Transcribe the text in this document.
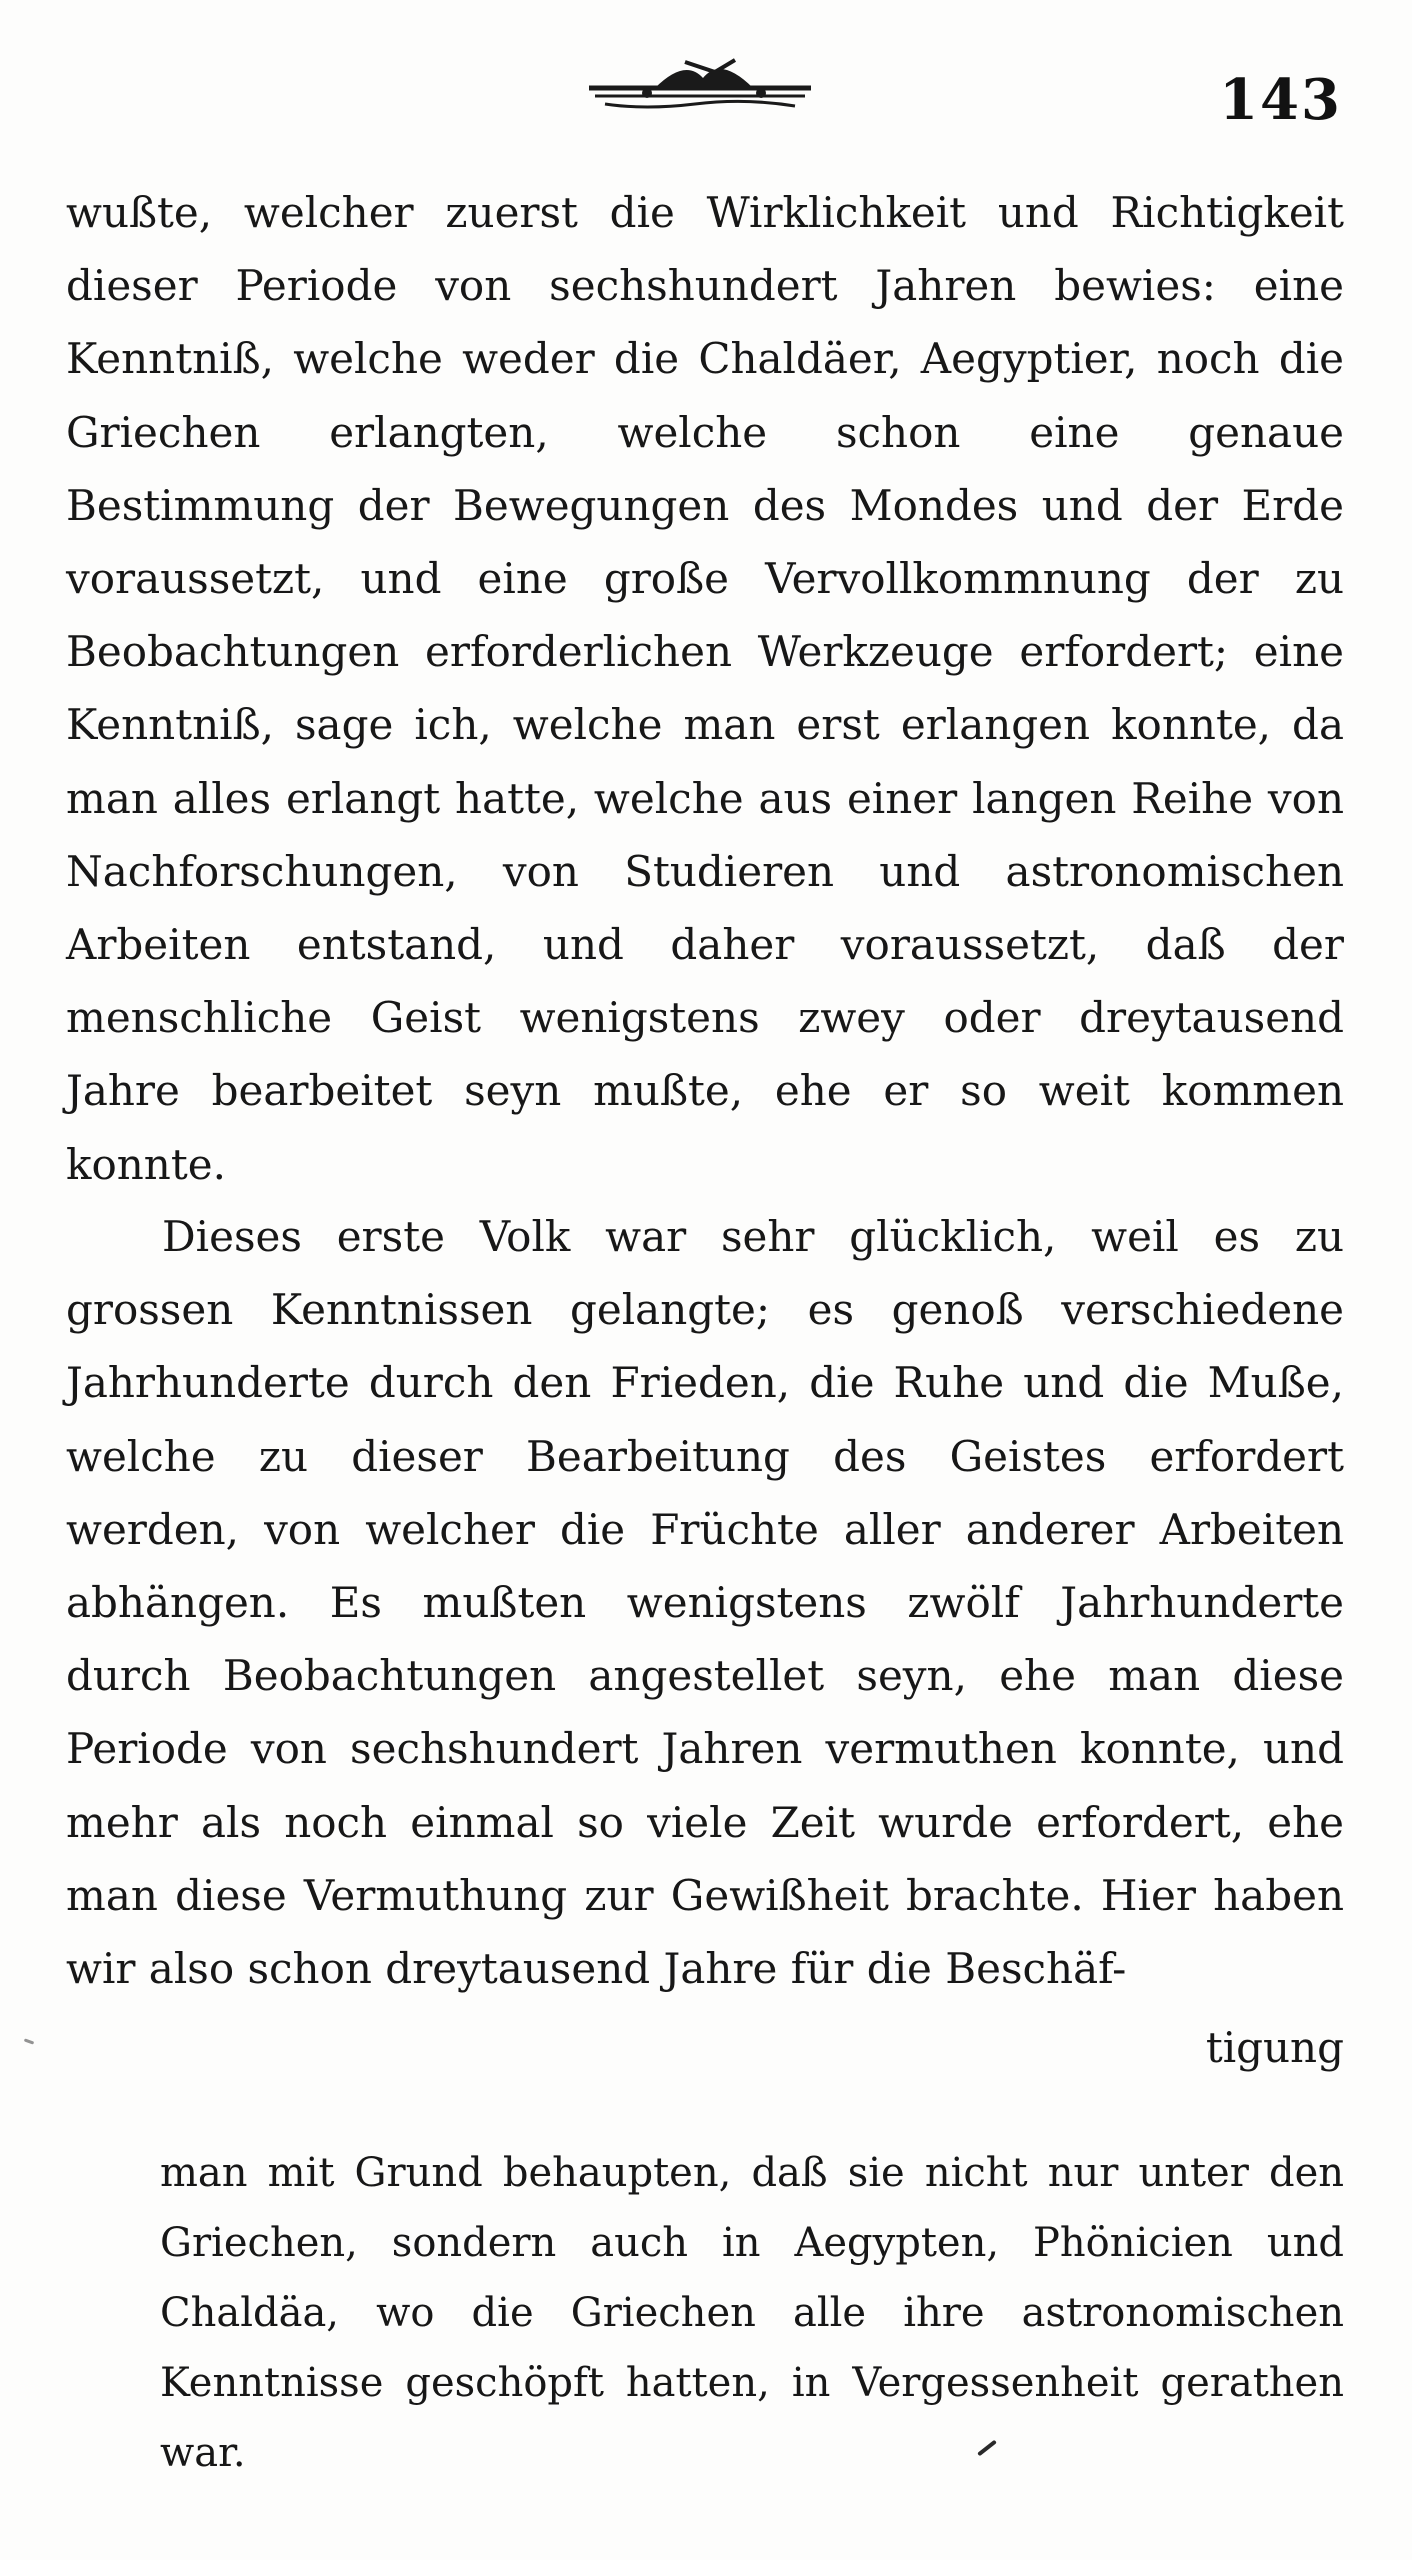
143
wußte, welcher zuerst die Wirklichkeit und Richtigkeit dieser Periode von sechshundert Jahren bewies: eine Kenntniß, welche weder die Chaldäer, Aegyptier, noch die Griechen erlangten, welche schon eine genaue Bestimmung der Bewegungen des Mondes und der Erde voraussetzt, und eine große Vervollkommnung der zu Beobachtungen erforderlichen Werkzeuge erfordert; eine Kenntniß, sage ich, welche man erst erlangen konnte, da man alles erlangt hatte, welche aus einer langen Reihe von Nachforschungen, von Studieren und astronomischen Arbeiten entstand, und daher voraussetzt, daß der menschliche Geist wenigstens zwey oder dreytausend Jahre bearbeitet seyn mußte, ehe er so weit kommen konnte.
Dieses erste Volk war sehr glücklich, weil es zu grossen Kenntnissen gelangte; es genoß verschiedene Jahrhunderte durch den Frieden, die Ruhe und die Muße, welche zu dieser Bearbeitung des Geistes erfordert werden, von welcher die Früchte aller anderer Arbeiten abhängen. Es mußten wenigstens zwölf Jahrhunderte durch Beobachtungen angestellet seyn, ehe man diese Periode von sechshundert Jahren vermuthen konnte, und mehr als noch einmal so viele Zeit wurde erfordert, ehe man diese Vermuthung zur Gewißheit brachte. Hier haben wir also schon dreytausend Jahre für die Beschäf-
tigung
man mit Grund behaupten, daß sie nicht nur unter den Griechen, sondern auch in Aegypten, Phönicien und Chaldäa, wo die Griechen alle ihre astronomischen Kenntnisse geschöpft hatten, in Vergessenheit gerathen war.
